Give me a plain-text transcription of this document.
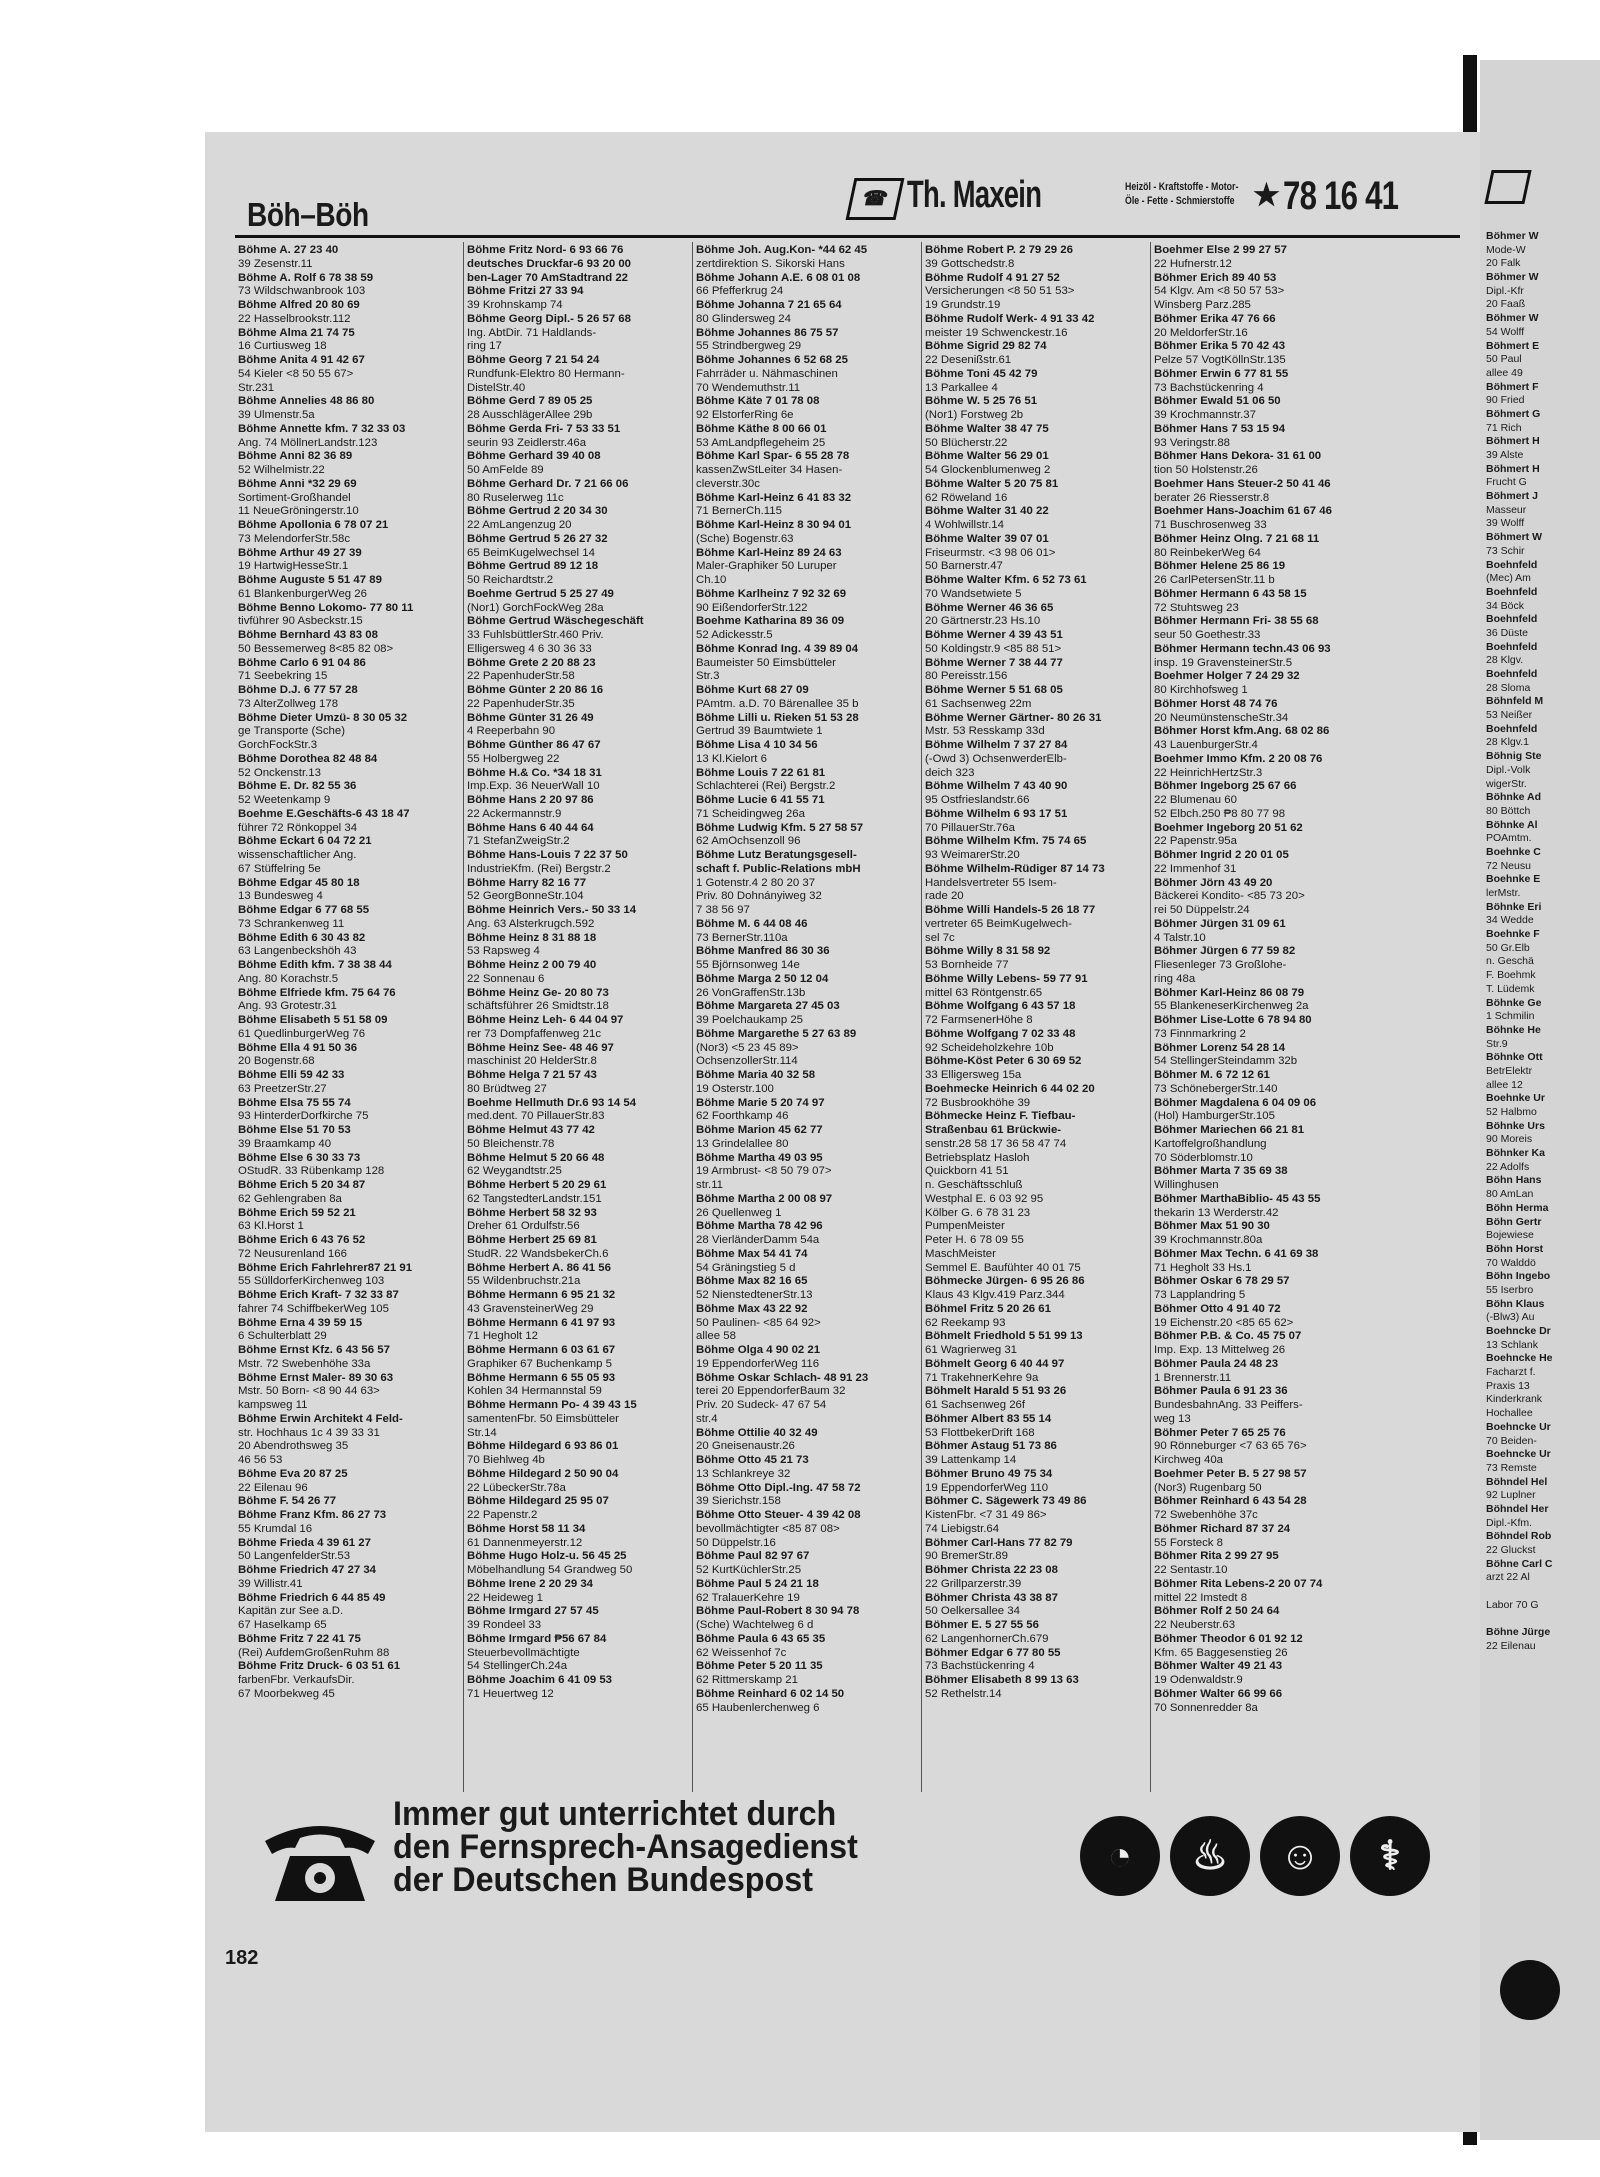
Böh–Böh	☎ Th. Maxein	Heizöl - Kraftstoffe - Motor-
Öle - Fette - Schmierstoffe ★ 78 16 41
Böhme A. 27 23 40
39 Zesenstr.11
Böhme A. Rolf 6 78 38 59
73 Wildschwanbrook 103
Böhme Alfred 20 80 69
22 Hasselbrookstr.112
Böhme Alma 21 74 75
16 Curtiusweg 18
Böhme Anita 4 91 42 67
54 Kieler <8 50 55 67>
Str.231
Böhme Annelies 48 86 80
39 Ulmenstr.5a
Böhme Annette kfm. 7 32 33 03
Ang. 74 MöllnerLandstr.123
Böhme Anni 82 36 89
52 Wilhelmistr.22
Böhme Anni *32 29 69
Sortiment-Großhandel
11 NeueGröningerstr.10
Böhme Apollonia 6 78 07 21
73 MelendorferStr.58c
Böhme Arthur 49 27 39
19 HartwigHesseStr.1
Böhme Auguste 5 51 47 89
61 BlankenburgerWeg 26
Böhme Benno Lokomo- 77 80 11
tivführer 90 Asbeckstr.15
Böhme Bernhard 43 83 08
50 Bessemerweg 8<85 82 08>
Böhme Carlo 6 91 04 86
71 Seebekring 15
Böhme D.J. 6 77 57 28
73 AlterZollweg 178
Böhme Dieter Umzü- 8 30 05 32
ge Transporte (Sche)
GorchFockStr.3
Böhme Dorothea 82 48 84
52 Onckenstr.13
Böhme E. Dr. 82 55 36
52 Weetenkamp 9
Boehme E.Geschäfts-6 43 18 47
führer 72 Rönkoppel 34
Böhme Eckart 6 04 72 21
wissenschaftlicher Ang.
67 Stüffelring 5e
Böhme Edgar 45 80 18
13 Bundesweg 4
Böhme Edgar 6 77 68 55
73 Schrankenweg 11
Böhme Edith 6 30 43 82
63 Langenbeckshöh 43
Böhme Edith kfm. 7 38 38 44
Ang. 80 Korachstr.5
Böhme Elfriede kfm. 75 64 76
Ang. 93 Grotestr.31
Böhme Elisabeth 5 51 58 09
61 QuedlinburgerWeg 76
Böhme Ella 4 91 50 36
20 Bogenstr.68
Böhme Elli 59 42 33
63 PreetzerStr.27
Böhme Elsa 75 55 74
93 HinterderDorfkirche 75
Böhme Else 51 70 53
39 Braamkamp 40
Böhme Else 6 30 33 73
OStudR. 33 Rübenkamp 128
Böhme Erich 5 20 34 87
62 Gehlengraben 8a
Böhme Erich 59 52 21
63 Kl.Horst 1
Böhme Erich 6 43 76 52
72 Neusurenland 166
Böhme Erich Fahrlehrer87 21 91
55 SülldorferKirchenweg 103
Böhme Erich Kraft- 7 32 33 87
fahrer 74 SchiffbekerWeg 105
Böhme Erna 4 39 59 15
6 Schulterblatt 29
Böhme Ernst Kfz. 6 43 56 57
Mstr. 72 Swebenhöhe 33a
Böhme Ernst Maler- 89 30 63
Mstr. 50 Born- <8 90 44 63>
kampsweg 11
Böhme Erwin Architekt 4 Feld-
str. Hochhaus 1c 4 39 33 31
20 Abendrothsweg 35
46 56 53
Böhme Eva 20 87 25
22 Eilenau 96
Böhme F. 54 26 77
Böhme Franz Kfm. 86 27 73
55 Krumdal 16
Böhme Frieda 4 39 61 27
50 LangenfelderStr.53
Böhme Friedrich 47 27 34
39 Willistr.41
Böhme Friedrich 6 44 85 49
Kapitän zur See a.D.
67 Haselkamp 65
Böhme Fritz 7 22 41 75
(Rei) AufdemGroßenRuhm 88
Böhme Fritz Druck- 6 03 51 61
farbenFbr. VerkaufsDir.
67 Moorbekweg 45
Böhme Fritz Nord- 6 93 66 76
deutsches Druckfar-6 93 20 00
ben-Lager 70 AmStadtrand 22
Böhme Fritzi 27 33 94
39 Krohnskamp 74
Böhme Georg Dipl.- 5 26 57 68
Ing. AbtDir. 71 Haldlands-
ring 17
Böhme Georg 7 21 54 24
Rundfunk-Elektro 80 Hermann-
DistelStr.40
Böhme Gerd 7 89 05 25
28 AusschlägerAllee 29b
Böhme Gerda Fri- 7 53 33 51
seurin 93 Zeidlerstr.46a
Böhme Gerhard 39 40 08
50 AmFelde 89
Böhme Gerhard Dr. 7 21 66 06
80 Ruselerweg 11c
Böhme Gertrud 2 20 34 30
22 AmLangenzug 20
Böhme Gertrud 5 26 27 32
65 BeimKugelwechsel 14
Böhme Gertrud 89 12 18
50 Reichardtstr.2
Boehme Gertrud 5 25 27 49
(Nor1) GorchFockWeg 28a
Böhme Gertrud Wäschegeschäft
33 FuhlsbüttlerStr.460 Priv.
Elligersweg 4 6 30 36 33
Böhme Grete 2 20 88 23
22 PapenhuderStr.58
Böhme Günter 2 20 86 16
22 PapenhuderStr.35
Böhme Günter 31 26 49
4 Reeperbahn 90
Böhme Günther 86 47 67
55 Holbergweg 22
Böhme H.& Co. *34 18 31
Imp.Exp. 36 NeuerWall 10
Böhme Hans 2 20 97 86
22 Ackermannstr.9
Böhme Hans 6 40 44 64
71 StefanZweigStr.2
Böhme Hans-Louis 7 22 37 50
IndustrieKfm. (Rei) Bergstr.2
Böhme Harry 82 16 77
52 GeorgBonneStr.104
Böhme Heinrich Vers.- 50 33 14
Ang. 63 Alsterkrugch.592
Böhme Heinz 8 31 88 18
53 Rapsweg 4
Böhme Heinz 2 00 79 40
22 Sonnenau 6
Böhme Heinz Ge- 20 80 73
schäftsführer 26 Smidtstr.18
Böhme Heinz Leh- 6 44 04 97
rer 73 Dompfaffenweg 21c
Böhme Heinz See- 48 46 97
maschinist 20 HelderStr.8
Böhme Helga 7 21 57 43
80 Brüdtweg 27
Boehme Hellmuth Dr.6 93 14 54
med.dent. 70 PillauerStr.83
Böhme Helmut 43 77 42
50 Bleichenstr.78
Böhme Helmut 5 20 66 48
62 Weygandtstr.25
Böhme Herbert 5 20 29 61
62 TangstedterLandstr.151
Böhme Herbert 58 32 93
Dreher 61 Ordulfstr.56
Böhme Herbert 25 69 81
StudR. 22 WandsbekerCh.6
Böhme Herbert A. 86 41 56
55 Wildenbruchstr.21a
Böhme Hermann 6 95 21 32
43 GravensteinerWeg 29
Böhme Hermann 6 41 97 93
71 Hegholt 12
Böhme Hermann 6 03 61 67
Graphiker 67 Buchenkamp 5
Böhme Hermann 6 55 05 93
Kohlen 34 Hermannstal 59
Böhme Hermann Po- 4 39 43 15
samentenFbr. 50 Eimsbütteler
Str.14
Böhme Hildegard 6 93 86 01
70 Biehlweg 4b
Böhme Hildegard 2 50 90 04
22 LübeckerStr.78a
Böhme Hildegard 25 95 07
22 Papenstr.2
Böhme Horst 58 11 34
61 Dannenmeyerstr.12
Böhme Hugo Holz-u. 56 45 25
Möbelhandlung 54 Grandweg 50
Böhme Irene 2 20 29 34
22 Heideweg 1
Böhme Irmgard 27 57 45
39 Rondeel 33
Böhme Irmgard ₱56 67 84
Steuerbevollmächtigte
54 StellingerCh.24a
Böhme Joachim 6 41 09 53
71 Heuertweg 12
Böhme Joh. Aug.Kon- *44 62 45
zertdirektion S. Sikorski Hans
Böhme Johann A.E. 6 08 01 08
66 Pfefferkrug 24
Böhme Johanna 7 21 65 64
80 Glindersweg 24
Böhme Johannes 86 75 57
55 Strindbergweg 29
Böhme Johannes 6 52 68 25
Fahrräder u. Nähmaschinen
70 Wendemuthstr.11
Böhme Käte 7 01 78 08
92 ElstorferRing 6e
Böhme Käthe 8 00 66 01
53 AmLandpflegeheim 25
Böhme Karl Spar- 6 55 28 78
kassenZwStLeiter 34 Hasen-
cleverstr.30c
Böhme Karl-Heinz 6 41 83 32
71 BernerCh.115
Böhme Karl-Heinz 8 30 94 01
(Sche) Bogenstr.63
Böhme Karl-Heinz 89 24 63
Maler-Graphiker 50 Luruper
Ch.10
Böhme Karlheinz 7 92 32 69
90 EißendorferStr.122
Boehme Katharina 89 36 09
52 Adickesstr.5
Böhme Konrad Ing. 4 39 89 04
Baumeister 50 Eimsbütteler
Str.3
Böhme Kurt 68 27 09
PAmtm. a.D. 70 Bärenallee 35 b
Böhme Lilli u. Rieken 51 53 28
Gertrud 39 Baumtwiete 1
Böhme Lisa 4 10 34 56
13 Kl.Kielort 6
Böhme Louis 7 22 61 81
Schlachterei (Rei) Bergstr.2
Böhme Lucie 6 41 55 71
71 Scheidingweg 26a
Böhme Ludwig Kfm. 5 27 58 57
62 AmOchsenzoll 96
Böhme Lutz Beratungsgesell-
schaft f. Public-Relations mbH
1 Gotenstr.4 2 80 20 37
Priv. 80 Dohnányiweg 32
7 38 56 97
Böhme M. 6 44 08 46
73 BernerStr.110a
Böhme Manfred 86 30 36
55 Björnsonweg 14e
Böhme Marga 2 50 12 04
26 VonGraffenStr.13b
Böhme Margareta 27 45 03
39 Poelchaukamp 25
Böhme Margarethe 5 27 63 89
(Nor3) <5 23 45 89>
OchsenzollerStr.114
Böhme Maria 40 32 58
19 Osterstr.100
Böhme Marie 5 20 74 97
62 Foorthkamp 46
Böhme Marion 45 62 77
13 Grindelallee 80
Böhme Martha 49 03 95
19 Armbrust- <8 50 79 07>
str.11
Böhme Martha 2 00 08 97
26 Quellenweg 1
Böhme Martha 78 42 96
28 VierländerDamm 54a
Böhme Max 54 41 74
54 Gräningstieg 5 d
Böhme Max 82 16 65
52 NienstedtenerStr.13
Böhme Max 43 22 92
50 Paulinen- <85 64 92>
allee 58
Böhme Olga 4 90 02 21
19 EppendorferWeg 116
Böhme Oskar Schlach- 48 91 23
terei 20 EppendorferBaum 32
Priv. 20 Sudeck- 47 67 54
str.4
Böhme Ottilie 40 32 49
20 Gneisenaustr.26
Böhme Otto 45 21 73
13 Schlankreye 32
Böhme Otto Dipl.-Ing. 47 58 72
39 Sierichstr.158
Böhme Otto Steuer- 4 39 42 08
bevollmächtigter <85 87 08>
50 Düppelstr.16
Böhme Paul 82 97 67
52 KurtKüchlerStr.25
Böhme Paul 5 24 21 18
62 TralauerKehre 19
Böhme Paul-Robert 8 30 94 78
(Sche) Wachtelweg 6 d
Böhme Paula 6 43 65 35
62 Weissenhof 7c
Böhme Peter 5 20 11 35
62 Rittmerskamp 21
Böhme Reinhard 6 02 14 50
65 Haubenlerchenweg 6
Böhme Robert P. 2 79 29 26
39 Gottschedstr.8
Böhme Rudolf 4 91 27 52
Versicherungen <8 50 51 53>
19 Grundstr.19
Böhme Rudolf Werk- 4 91 33 42
meister 19 Schwenckestr.16
Böhme Sigrid 29 82 74
22 Desenißstr.61
Böhme Toni 45 42 79
13 Parkallee 4
Böhme W. 5 25 76 51
(Nor1) Forstweg 2b
Böhme Walter 38 47 75
50 Blücherstr.22
Böhme Walter 56 29 01
54 Glockenblumenweg 2
Böhme Walter 5 20 75 81
62 Röweland 16
Böhme Walter 31 40 22
4 Wohlwillstr.14
Böhme Walter 39 07 01
Friseurmstr. <3 98 06 01>
50 Barnerstr.47
Böhme Walter Kfm. 6 52 73 61
70 Wandsetwiete 5
Böhme Werner 46 36 65
20 Gärtnerstr.23 Hs.10
Böhme Werner 4 39 43 51
50 Koldingstr.9 <85 88 51>
Böhme Werner 7 38 44 77
80 Pereisstr.156
Böhme Werner 5 51 68 05
61 Sachsenweg 22m
Böhme Werner Gärtner- 80 26 31
Mstr. 53 Resskamp 33d
Böhme Wilhelm 7 37 27 84
(-Owd 3) OchsenwerderElb-
deich 323
Böhme Wilhelm 7 43 40 90
95 Ostfrieslandstr.66
Böhme Wilhelm 6 93 17 51
70 PillauerStr.76a
Böhme Wilhelm Kfm. 75 74 65
93 WeimarerStr.20
Böhme Wilhelm-Rüdiger 87 14 73
Handelsvertreter 55 Isem-
rade 20
Böhme Willi Handels-5 26 18 77
vertreter 65 BeimKugelwech-
sel 7c
Böhme Willy 8 31 58 92
53 Bornheide 77
Böhme Willy Lebens- 59 77 91
mittel 63 Röntgenstr.65
Böhme Wolfgang 6 43 57 18
72 FarmsenerHöhe 8
Böhme Wolfgang 7 02 33 48
92 Scheideholzkehre 10b
Böhme-Köst Peter 6 30 69 52
33 Elligersweg 15a
Boehmecke Heinrich 6 44 02 20
72 Busbrookhöhe 39
Böhmecke Heinz F. Tiefbau-
Straßenbau 61 Brückwie-
senstr.28 58 17 36 58 47 74
Betriebsplatz Hasloh
Quickborn 41 51
n. Geschäftsschluß
Westphal E. 6 03 92 95
Kölber G. 6 78 31 23
PumpenMeister
Peter H. 6 78 09 55
MaschMeister
Semmel E. Baufühter 40 01 75
Böhmecke Jürgen- 6 95 26 86
Klaus 43 Klgv.419 Parz.344
Böhmel Fritz 5 20 26 61
62 Reekamp 93
Böhmelt Friedhold 5 51 99 13
61 Wagrierweg 31
Böhmelt Georg 6 40 44 97
71 TrakehnerKehre 9a
Böhmelt Harald 5 51 93 26
61 Sachsenweg 26f
Böhmer Albert 83 55 14
53 FlottbekerDrift 168
Böhmer Astaug 51 73 86
39 Lattenkamp 14
Böhmer Bruno 49 75 34
19 EppendorferWeg 110
Böhmer C. Sägewerk 73 49 86
KistenFbr. <7 31 49 86>
74 Liebigstr.64
Böhmer Carl-Hans 77 82 79
90 BremerStr.89
Böhmer Christa 22 23 08
22 Grillparzerstr.39
Böhmer Christa 43 38 87
50 Oelkersallee 34
Böhmer E. 5 27 55 56
62 LangenhornerCh.679
Böhmer Edgar 6 77 80 55
73 Bachstückenring 4
Böhmer Elisabeth 8 99 13 63
52 Rethelstr.14
Boehmer Else 2 99 27 57
22 Hufnerstr.12
Böhmer Erich 89 40 53
54 Klgv. Am <8 50 57 53>
Winsberg Parz.285
Böhmer Erika 47 76 66
20 MeldorferStr.16
Böhmer Erika 5 70 42 43
Pelze 57 VogtKöllnStr.135
Böhmer Erwin 6 77 81 55
73 Bachstückenring 4
Böhmer Ewald 51 06 50
39 Krochmannstr.37
Böhmer Hans 7 53 15 94
93 Veringstr.88
Böhmer Hans Dekora- 31 61 00
tion 50 Holstenstr.26
Boehmer Hans Steuer-2 50 41 46
berater 26 Riesserstr.8
Boehmer Hans-Joachim 61 67 46
71 Buschrosenweg 33
Böhmer Heinz Olng. 7 21 68 11
80 ReinbekerWeg 64
Böhmer Helene 25 86 19
26 CarlPetersenStr.11 b
Böhmer Hermann 6 43 58 15
72 Stuhtsweg 23
Böhmer Hermann Fri- 38 55 68
seur 50 Goethestr.33
Böhmer Hermann techn.43 06 93
insp. 19 GravensteinerStr.5
Boehmer Holger 7 24 29 32
80 Kirchhofsweg 1
Böhmer Horst 48 74 76
20 NeumünstenscheStr.34
Böhmer Horst kfm.Ang. 68 02 86
43 LauenburgerStr.4
Boehmer Immo Kfm. 2 20 08 76
22 HeinrichHertzStr.3
Böhmer Ingeborg 25 67 66
22 Blumenau 60
52 Elbch.250 ₱8 80 77 98
Boehmer Ingeborg 20 51 62
22 Papenstr.95a
Böhmer Ingrid 2 20 01 05
22 Immenhof 31
Böhmer Jörn 43 49 20
Bäckerei Kondito- <85 73 20>
rei 50 Düppelstr.24
Böhmer Jürgen 31 09 61
4 Talstr.10
Böhmer Jürgen 6 77 59 82
Fliesenleger 73 Großlohe-
ring 48a
Böhmer Karl-Heinz 86 08 79
55 BlankeneserKirchenweg 2a
Böhmer Lise-Lotte 6 78 94 80
73 Finnmarkring 2
Böhmer Lorenz 54 28 14
54 StellingerSteindamm 32b
Böhmer M. 6 72 12 61
73 SchönebergerStr.140
Böhmer Magdalena 6 04 09 06
(Hol) HamburgerStr.105
Böhmer Mariechen 66 21 81
Kartoffelgroßhandlung
70 Söderblomstr.10
Böhmer Marta 7 35 69 38
Willinghusen
Böhmer MarthaBiblio- 45 43 55
thekarin 13 Werderstr.42
Böhmer Max 51 90 30
39 Krochmannstr.80a
Böhmer Max Techn. 6 41 69 38
71 Hegholt 33 Hs.1
Böhmer Oskar 6 78 29 57
73 Lapplandring 5
Böhmer Otto 4 91 40 72
19 Eichenstr.20 <85 65 62>
Böhmer P.B. & Co. 45 75 07
Imp. Exp. 13 Mittelweg 26
Böhmer Paula 24 48 23
1 Brennerstr.11
Böhmer Paula 6 91 23 36
BundesbahnAng. 33 Peiffers-
weg 13
Böhmer Peter 7 65 25 76
90 Rönneburger <7 63 65 76>
Kirchweg 40a
Boehmer Peter B. 5 27 98 57
(Nor3) Rugenbarg 50
Böhmer Reinhard 6 43 54 28
72 Swebenhöhe 37c
Böhmer Richard 87 37 24
55 Forsteck 8
Böhmer Rita 2 99 27 95
22 Sentastr.10
Böhmer Rita Lebens-2 20 07 74
mittel 22 Imstedt 8
Böhmer Rolf 2 50 24 64
22 Neuberstr.63
Böhmer Theodor 6 01 92 12
Kfm. 65 Baggesenstieg 26
Böhmer Walter 49 21 43
19 Odenwaldstr.9
Böhmer Walter 66 99 66
70 Sonnenredder 8a
Immer gut unterrichtet durch
den Fernsprech-Ansagedienst
der Deutschen Bundespost
◔	♨	☺	⚕
182
Böhmer W
Mode-W
20 Falk
Böhmer W
Dipl.-Kfr
20 Faaß
Böhmer W
54 Wolff
Böhmert E
50 Paul
allee 49
Böhmert F
90 Fried
Böhmert G
71 Rich
Böhmert H
39 Alste
Böhmert H
Frucht G
Böhmert J
Masseur
39 Wolff
Böhmert W
73 Schir
Boehnfeld
(Mec) Am
Boehnfeld
34 Böck
Boehnfeld
36 Düste
Boehnfeld
28 Klgv.
Boehnfeld
28 Sloma
Böhnfeld M
53 Neißer
Boehnfeld
28 Klgv.1
Böhnig Ste
Dipl.-Volk
wigerStr.
Böhnke Ad
80 Böttch
Böhnke Al
POAmtm.
Boehnke C
72 Neusu
Boehnke E
lerMstr.
Böhnke Eri
34 Wedde
Boehnke F
50 Gr.Elb
n. Geschä
F. Boehmk
T. Lüdemk
Böhnke Ge
1 Schmilin
Böhnke He
Str.9
Böhnke Ott
BetrElektr
allee 12
Boehnke Ur
52 Halbmo
Böhnke Urs
90 Moreis
Böhnker Ka
22 Adolfs
Böhn Hans
80 AmLan
Böhn Herma
Böhn Gertr
Bojewiese
Böhn Horst
70 Walddö
Böhn Ingebo
55 Iserbro
Böhn Klaus
(-Blw3) Au
Boehncke Dr
13 Schlank
Boehncke He
Facharzt f.
Praxis 13
Kinderkrank
Hochallee
Boehncke Ur
70 Beiden-
Boehncke Ur
73 Remste
Böhndel Hel
92 Luplner
Böhndel Her
Dipl.-Kfm.
Böhndel Rob
22 Gluckst
Böhne Carl C
arzt 22 Al
Labor 70 G
Böhne Jürge
22 Eilenau
